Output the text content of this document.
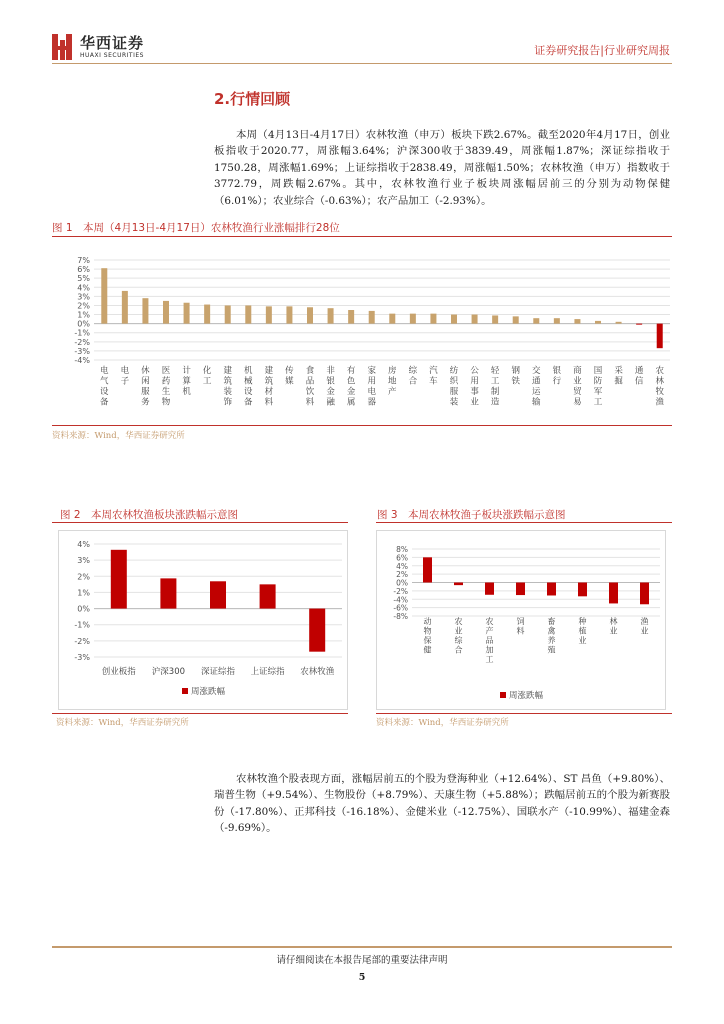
华西证券
HUAXI SECURITIES	证券研究报告|行业研究周报
2.行情回顾
本周（4月13日-4月17日）农林牧渔（申万）板块下跌2.67%。截至2020年4月17日，创业板指收于2020.77，周涨幅3.64%；沪深300收于3839.49，周涨幅1.87%；深证综指收于1750.28，周涨幅1.69%；上证综指收于2838.49，周涨幅1.50%；农林牧渔（申万）指数收于3772.79，周跌幅2.67%。其中，农林牧渔行业子板块周涨幅居前三的分别为动物保健（6.01%）；农业综合（-0.63%）；农产品加工（-2.93%）。
图 1　本周（4月13日-4月17日）农林牧渔行业涨幅排行28位
-4%
-3%
-2%
-1%
0%
1%
2%
3%
4%
5%
6%
7%
电
气
设
备
电
子
休
闲
服
务
医
药
生
物
计
算
机
化
工
建
筑
装
饰
机
械
设
备
建
筑
材
料
传
媒
食
品
饮
料
非
银
金
融
有
色
金
属
家
用
电
器
房
地
产
综
合
汽
车
纺
织
服
装
公
用
事
业
轻
工
制
造
钢
铁
交
通
运
输
银
行
商
业
贸
易
国
防
军
工
采
掘
通
信
农
林
牧
渔
资料来源：Wind，华西证券研究所
图 2　本周农林牧渔板块涨跌幅示意图
-3%
-2%
-1%
0%
1%
2%
3%
4%
创业板指 沪深300 深证综指 上证综指 农林牧渔
周涨跌幅
资料来源：Wind，华西证券研究所
图 3　本周农林牧渔子板块涨跌幅示意图
-8%
-6%
-4%
-2%
0%
2%
4%
6%
8%
动
物
保
健
农
业
综
合
农
产
品
加
工
饲
料
畜
禽
养
殖
种
植
业
林
业
渔
业
周涨跌幅
资料来源：Wind，华西证券研究所
农林牧渔个股表现方面，涨幅居前五的个股为登海种业（+12.64%）、ST 昌鱼（+9.80%）、瑞普生物（+9.54%）、生物股份（+8.79%）、天康生物（+5.88%）；跌幅居前五的个股为新赛股份（-17.80%）、正邦科技（-16.18%）、金健米业（-12.75%）、国联水产（-10.99%）、福建金森（-9.69%）。
请仔细阅读在本报告尾部的重要法律声明
5
